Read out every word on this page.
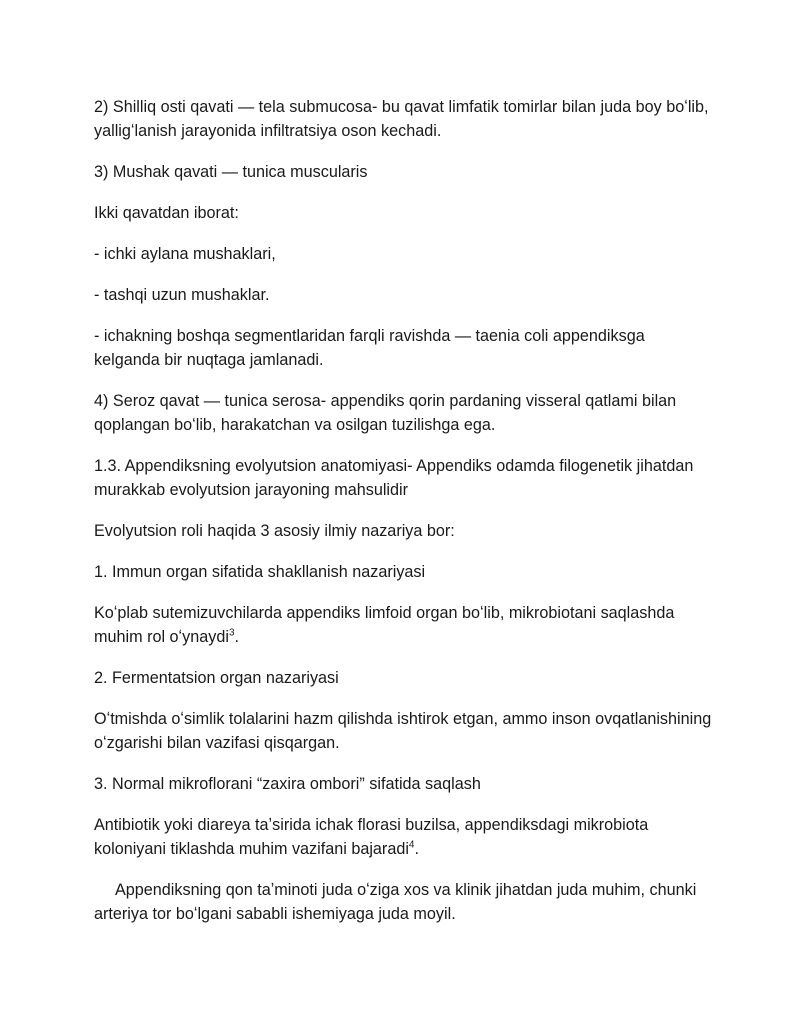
2) Shilliq osti qavati — tela submucosa- bu qavat limfatik tomirlar bilan juda boy boʻlib, yalligʻlanish jarayonida infiltratsiya oson kechadi.

3) Mushak qavati — tunica muscularis

Ikki qavatdan iborat:

- ichki aylana mushaklari,

- tashqi uzun mushaklar.

- ichakning boshqa segmentlaridan farqli ravishda — taenia coli appendiksga kelganda bir nuqtaga jamlanadi.

4) Seroz qavat — tunica serosa- appendiks qorin pardaning visseral qatlami bilan qoplangan boʻlib, harakatchan va osilgan tuzilishga ega.

1.3. Appendiksning evolyutsion anatomiyasi- Appendiks odamda filogenetik jihatdan murakkab evolyutsion jarayoning mahsulidir

Evolyutsion roli haqida 3 asosiy ilmiy nazariya bor:

1. Immun organ sifatida shakllanish nazariyasi

Koʻplab sutemizuvchilarda appendiks limfoid organ boʻlib, mikrobiotani saqlashda muhim rol oʻynaydi$^3$.

2. Fermentatsion organ nazariyasi

Oʻtmishda oʻsimlik tolalarini hazm qilishda ishtirok etgan, ammo inson ovqatlanishining oʻzgarishi bilan vazifasi qisqargan.

3. Normal mikroflorani “zaxira ombori” sifatida saqlash

Antibiotik yoki diareya taʼsirida ichak florasi buzilsa, appendiksdagi mikrobiota koloniyani tiklashda muhim vazifani bajaradi$^4$.

Appendiksning qon taʼminoti juda oʻziga xos va klinik jihatdan juda muhim, chunki arteriya tor boʻlgani sababli ishemiyaga juda moyil.
